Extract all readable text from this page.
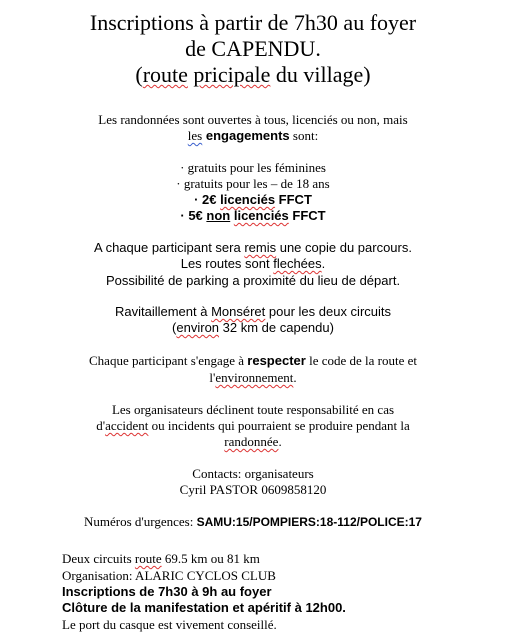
Inscriptions à partir de 7h30 au foyer
de CAPENDU.
(route pricipale du village)
Les randonnées sont ouvertes à tous, licenciés ou non, mais
les engagements sont:
· gratuits pour les féminines
· gratuits pour les – de 18 ans
· 2€ licenciés FFCT
· 5€ non licenciés FFCT
A chaque participant sera remis une copie du parcours.
Les routes sont flechées.
Possibilité de parking a proximité du lieu de départ.
Ravitaillement à Monséret pour les deux circuits
(environ 32 km de capendu)
Chaque participant s'engage à respecter le code de la route et
l'environnement.
Les organisateurs déclinent toute responsabilité en cas
d'accident ou incidents qui pourraient se produire pendant la
randonnée.
Contacts: organisateurs
Cyril PASTOR 0609858120
Numéros d'urgences: SAMU:15/POMPIERS:18-112/POLICE:17
Deux circuits route 69.5 km ou 81 km
Organisation: ALARIC CYCLOS CLUB
Inscriptions de 7h30 à 9h au foyer
Clôture de la manifestation et apéritif à 12h00.
Le port du casque est vivement conseillé.
